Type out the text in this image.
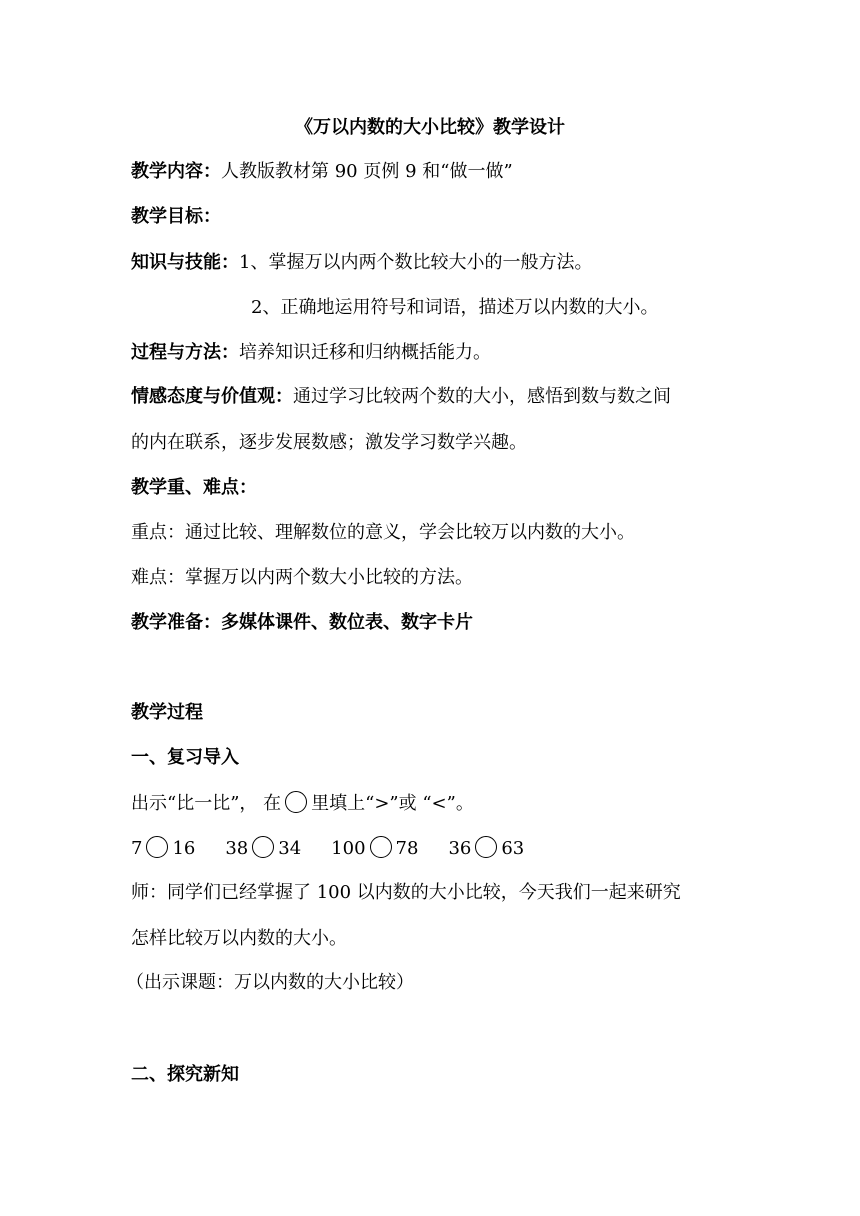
《万以内数的大小比较》教学设计

教学内容：人教版教材第 90 页例 9 和“做一做”

教学目标：

知识与技能：1、掌握万以内两个数比较大小的一般方法。

2、正确地运用符号和词语，描述万以内数的大小。

过程与方法：培养知识迁移和归纳概括能力。

情感态度与价值观：通过学习比较两个数的大小，感悟到数与数之间

的内在联系，逐步发展数感；激发学习数学兴趣。

教学重、难点：

重点：通过比较、理解数位的意义，学会比较万以内数的大小。

难点：掌握万以内两个数大小比较的方法。

教学准备：多媒体课件、数位表、数字卡片

教学过程

一、复习导入

出示“比一比”， 在 里填上“>”或 “<”。

7 16 38 34 100 78 36 63

师：同学们已经掌握了 100 以内数的大小比较，今天我们一起来研究

怎样比较万以内数的大小。

（出示课题：万以内数的大小比较）

二、探究新知
